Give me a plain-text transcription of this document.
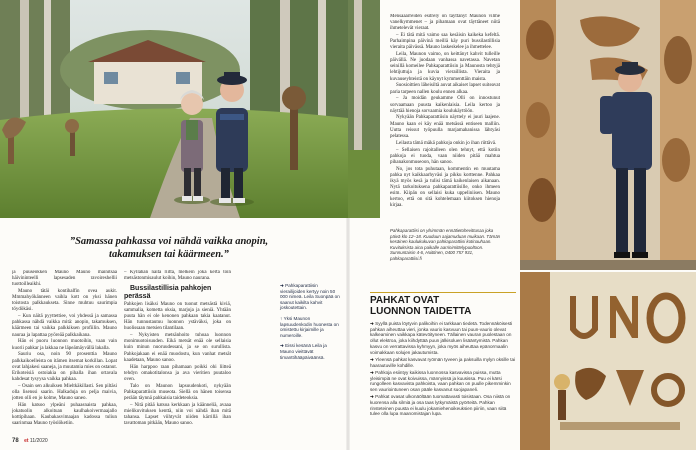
”Samassa pahkassa voi nähdä vaikka anopin, takamuksen tai käärmeen.”

ja puuseokken Mauno Mauno mainitsaa häivininteelli lapsesaden ravoireshellii tuottoilleaikhi.

Mauno tätäi kontihalfin ovea aukit. Mmmahyökänneen vaihla kott on yksi hänen toistosta palkkaukseta. Sinne muhtuu saurimpia töydökäsi.

– Kun näitä pyyttettiee, voi yhdessä ja samassa pahkassa nähdä vaikka mitä: anopin, takamuksen, käärmeen tai vaikka palkkiksen profiilin. Mauno nauraa ja lapattaa pyöreää palkkaikana.

Hän ei puoru luonnon muotoihin, vaan vain kuorii pahkar ja lakkaa ne läpeämäyvällä lakalla.

Sauriu osa, noin 90 prosenttia Mauno palkkaikoelleista on itämen itsemat korkillan. Lopat ovat lahjakesi saaneja, ja muutamia mies on ostanut. Erikoteisiä ostoiakia on pihalla ihan ortavala kahdesat tysyysa vaikka pahkaa.

– Osain sen alkuiksen Mieltkäkillasti. Sen piltäsi olla lisenssi saarin. Halkaduja on pelja maivia, jotten olli en jo kolme, Mauno saneo.

Hän katsoo ylpeäni puhaasnaista pahkaa, jokatuolin alkoituan kaulhakoivermaajallo kottipihaan. Kaubakasvimaajan kadossa tuliun saarinmaa Mauno työslöketiin.

– Kyllähän näitä riittä, melkein joka kerta toin metsästonmisaulut koihin, Mauno naurana.

Bussilastillisia pahkojen perässä

Pahkojen lisäksi Mauno on tuonut metsästä kiviä, sammalia, kometta oksia, marjoja ja sieniä. Yhtään puuta hän ei ole kenonen pahkaan takia kaatanut. Hän tunnustautuu luonnon ystäväksi, joka on huolissaan metsien tilantilaan.

– Nykyisten metsänhoito tuhoaa luonnon monimuotoisuuden. Eikä metsät enää ole sellaisia kuin minun nuoruudessani, ja se on surullista. Pahkojakaan ei enää muodostu, kun vanhat metsät kaadetaan, Mauno sanoo.

Hän harppoo raan pihamaan poikki ohi liitteä tehdyn omakotitalonsa ja ava vieritien puutaloo oven.

Talo on Maunon lapsuudenkoti, nykyään Pahkaparattiisin museota. Siellä on hänen toisensa perään täynnä pahkaisia taideteoksia.

– Nitä pitää katsoa kerkkaan ja käänneliä, avaaa mielikuvituksen kenttä, niin voi nähdä ihan mitä tahansa. Lapset viihtyvät niiden kärrillä ihan tavattoman pitkään, Mauno sanoo.

➜ Pahkaparattiisin vierailijoiden kertyy noin 50 000 nimeä. Leila Suonpää on saanut kaikilta kahvit joskoutettain.
↑ Yksi Maunon lapsuudenkodin huonesta on omistettu kirjaimille ja numeroille.
➜ Eissi kesänä Leila ja Mauno vieittävät timanttihääpäiväänsä.

Mensäaarreiden esitrely on täyttänyt Maunon vilme vanelkymmenet – ja pihamaan ovat täyttäneet niitä ihmetelevät vieraat.

– Ei tätä mitä vaimo saa kesäisin kaikeka kefeltä. Parhaimpina päivinä meillä käy puri bussilastillisia vieraita päivässä. Mauno laskeskelee ja ihmettelee.

Leila, Maunon vaimo, on keittänyt kahvit tulleille päivällä. Ne juodaan vanhassa navetassa. Navetan seinillä komeilee Pahkaparattiisin ja Maunosta tehtyjä lehtijuttuja ja kuvia vieraillista. Vieraita ja kuvauseyhteistä on käynyt kymmenttäin maista.

Suosioittien läheisiltä auvat aikaiset lapset suiteavat paria tarpeen nallen koulu ennen alkaa.

– Ja moidän geukamme Olli on innostunut sorvaamaan puusta kaikenlaisia. Leila kertoo ja näyttää hienoja sorvaamia koulukäyttöön.

Nykyään Pahkaparattiisin näyttely ei juuri laajene. Mauno kaan ei käy enää metsässä entiseen malliin. Uutta reissut työpuulla marjamahanissa lähtyäsi pelatessa.

Leilasta tämä mäkä pahkoja onkin jo ihan riittävä.

– Sellaisen rajoitalleen olen tehnyt, että kotiin pahkoja ei tuoda, vaan niiden pitää mahtua pihanakonmuseoon, hän sanoo.

No, jos tota puhutaan, kommentin en muutama pahka nyt kaikkaarhyväsi ja pikku korttenne. Pahkaa ikyä myös kesä ja tulisi tämä kaikenlaisen aikanaan. Nytä tarkoituksena pahkaparattiisille, onko ihmeen esim. Kiipän on sellaisi kuka uppeliniisen. Mauno kertoo, että on sitä kohtelemaan kiitoksen hienoja kirjaa.

Pahkaparattiisi on ylsimmän ennätietohevittusaa joka päivä klo 12–18. Kuuduun aajamuduan muikaan. Tämän kesäinen kaulukukuvan pahkaparattiisi kotinauhaan. Kuvituksista aina paikalle aarrinimittelypuoltoon. Sunnuntaisin 4-6, Huittinen, 0400 757 931, pahkaparattiisi.fi
PAHKAT OVAT
LUONNON TAIDETTA
➜ Syyllä puista löytyvin palikoihin ei tarkkaan tiedetä. Todennäköisesti pahkan aiheuttaa vieri, jonka vaurio kasvuun tai puun-vaurio olevat kalkeaminen vaikkapa kätevöityneen. Tällainen vauran puolestaan on ollut elektroa, joka kiihdyttää puun jälkisoluen lisääntymistä. Pahkan kasvu on verrattavissa kyhmyyn, joka myös aiheuttaa epänormaalin voimakkaan solujen jakautumista.
➜ Yleensä pahkat kasvavat ryömän tyveen ja paksuilla mylyn oksille tai haarautuville kohdille.
➜ Pahkoja esiintyy kaikissa luonnossa kasvavissa puissa, mutta yleisimpiä ne ovat koivuissa, männyissä ja kuusissa. Puu ei kärsi rungolleen kasvavista pahkoista, vaan pahkan on puulle pikemminkin sen vauriointuneen osan pääle kasvanut suojapaneli.
➜ Pahkat ovasat ulkonäöltään tuomattavasti toisistaan. Osa niistä on kuorensa alla silmiä ja osa taas lytkymäistä pyörteitä. Pahkan rinsteteinen puusta ei kuulu jokamiehenoikeuksien piiriin, vaan siitä tulee olla lupa maanomistajan lupa.
78 et 11/2020
